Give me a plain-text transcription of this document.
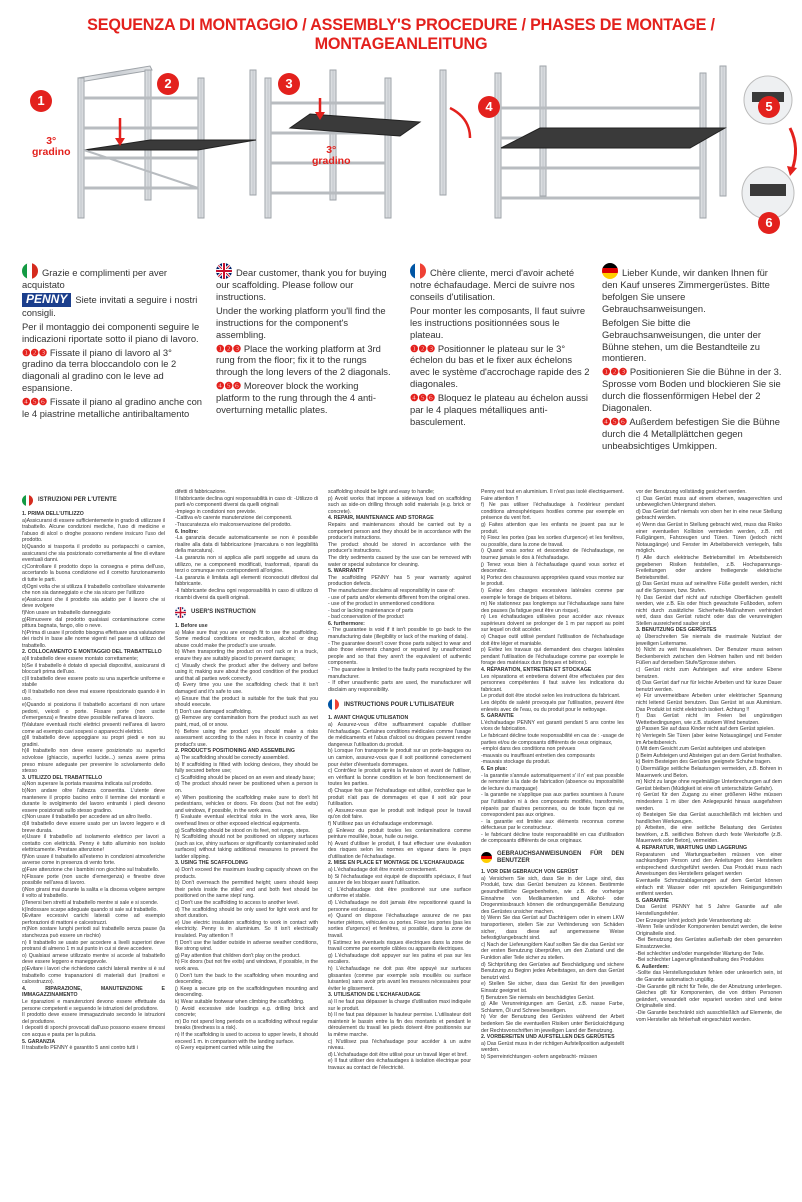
SEQUENZA DI MONTAGGIO / ASSEMBLY'S PROCEDURE / PHASES DE MONTAGE / MONTAGEANLEITUNG
1
2	3
4	5
6
3°
gradino	3°
gradino

Grazie e complimenti per aver acquistato

PENNY Siete invitati a seguire i nostri consigli.

Per il montaggio dei componenti seguire le indicazioni riportate sotto il piano di lavoro.

❶❷❸ Fissate il piano di lavoro al 3° gradino da terra bloccandolo con le 2 diagonali al gradino con le leve ad espansione.

❹❺❻ Fissate il piano al gradino anche con le 4 piastrine metalliche antiribaltamento

Dear customer, thank you for buying our scaffolding. Please follow our instructions.

Under the working platform you'll find the instructions for the component's assembling.

❶❷❸ Place the working platform at 3rd rung from the floor; fix it to the rungs through the long levers of the 2 diagonals.

❹❺❻ Moreover block the working platform to the rung through the 4 anti-overturning metallic plates.

Chère cliente, merci d'avoir acheté notre échafaudage. Merci de suivre nos conseils d'utilisation.

Pour monter les composants, Il faut suivre les instructions positionnées sous le plateau.

❶❷❸ Positionner le plateau sur le 3° échelon du bas et le fixer aux échelons avec le système d'accrochage rapide des 2 diagonales.

❹❺❻ Bloquez le plateau au échelon aussi par le 4 plaques métalliques anti-basculement.

Lieber Kunde, wir danken Ihnen für den Kauf unseres Zimmergerüstes. Bitte befolgen Sie unsere Gebrauchsanweisungen.

Befolgen Sie bitte die Gebrauchsanweisungen, die unter der Bühne stehen, um die Bestandteile zu montieren.

❶❷❸ Positionieren Sie die Bühne in der 3. Sprosse vom Boden und blockieren Sie sie durch die flossenförmigen Hebel der 2 Diagonalen.

❹❺❻ Außerdem befestigen Sie die Bühne durch die 4 Metallplättchen gegen unbeabsichtiges Umkippen.

ISTRUZIONI PER L'UTENTE

1. PRIMA DELL'UTILIZZO

a)Assicurarsi di essere sufficientemente in grado di utilizzare il trabattello. Alcune condizioni mediche, l'uso di medicine e l'abuso di alcol o droghe possono rendere insicuro l'uso del prodotto.

b)Quando si trasporta il prodotto su portapacchi o camion, assicurarsi che sia posizionato correttamente al fine di evitare eventuali danni.

c)Controllare il prodotto dopo la consegna e prima dell'uso, accertando la buona condizione ed il corretto funzionamento di tutte le parti.

d)Ogni volta che si utilizza il trabattello controllare visivamente che non sia danneggiato e che sia sicuro per l'utilizzo

e)Assicurarsi che il prodotto sia adatto per il lavoro che si deve svolgere

f)Non usare un trabattello danneggiato

g)Rimuovere dal prodotto qualsiasi contaminazione come pittura bagnata, fango, olio o neve.

h)Prima di usare il prodotto bisogna effettuare una valutazione dei rischi in base alle norme vigenti nel paese di utilizzo del trabattello.

2. COLLOCAMENTO E MONTAGGIO DEL TRABATTELLO

a)Il trabattello deve essere montato correttamente;

b)Se il trabattello è dotato di speciali dispositivi, assicurarsi di bloccarli prima dell'uso.

c)Il trabattello deve essere posto su una superficie uniforme e stabile

d) Il trabattello non deve mai essere riposizionato quando è in uso.

e)Quando si posiziona il trabattello accertarsi di non urtare pedoni, veicoli o porte. Fissare porte (non uscite d'emergenza) e finestre dove possibile nell'area di lavoro.

f)Valutare eventuali rischi elettrici presenti nell'area di lavoro come ad esempio cavi sospesi o apparecchi elettrici.

g)Il trabattello deve appoggiare su propri piedi e non su gradini.

h)Il trabattello non deve essere posizionato su superfici scivolose (ghiaccio, superfici lucide...) senza avere prima preso misure adeguate per prevenire lo scivolamento dello stesso

3. UTILIZZO DEL TRABATTELLO

a)Non superare la portata massima indicata sul prodotto.

b)Non andare oltre l'altezza consentita. L'utente deve mantenere il proprio bacino entro il termine dei montanti e durante lo svolgimento del lavoro entrambi i piedi devono essere posizionati sullo stesso gradino.

c)Non usare il trabattello per accedere ad un altro livello.

d)Il trabattello deve essere usato per un lavoro leggero e di breve durata.

e)Usare il trabattello ad isolamento elettrico per lavori a contatto con elettricità. Penny è tutto alluminio non isolato elettricamente. Prestare attenzione!

f)Non usare il trabattello all'esterno in condizioni atmosferiche avverse come in presenza di vento forte.

g)Fare attenzione che i bambini non giochino sul trabattello.

h)Fissare porte (non uscite d'emergenza) e finestre dove possibile nell'area di lavoro.

i)Non girarsi mai durante la salita e la discesa volgere sempre il volto al trabattello.

j)Tenersi ben stretti al trabattello mentre si sale e si scende.

k)Indossare scarpe adeguate quando si sale sul trabattello.

l)Evitare eccessivi carichi laterali come ad esempio perforazioni di mattoni e calcestruzzi.

m)Non sostare lunghi periodi sul trabattello senza pause (la stanchezza può essere un rischio)

n) Il trabattello se usato per accedere a livelli superiori deve protrarsi di almeno 1 m sul punto in cui si deve accedere.

o) Qualsiasi arnese utilizzato mentre si accede al trabattello deve essere leggero e maneggevole.

p)Evitare i lavori che richiedono carichi laterali mentre si è sul trabattello come trapanazioni di materiali duri (mattoni e calcestruzzo).

4. RIPARAZIONE, MANUTENZIONE E IMMAGAZZINAMENTO

Le riparazioni e manutenzioni devono essere effettuate da persone competenti e seguendo le istruzioni del produttore.

Il prodotto deve essere immagazzinato secondo le istruzioni del produttore.

I depositi di sporchi provocati dall'uso possono essere rimossi con acqua e pasta per la pulizia.

5. GARANZIA

Il trabattello PENNY è garantito 5 anni contro tutti i

difetti di fabbricazione.

Il fabbricante declina ogni responsabilità in caso di: -Utilizzo di parti e/o componenti diversi da quelli originali

-Impiego in condizioni non previste.

-Cattiva e/o carente manutenzione dei componenti.

-Trascuratezza e/o malconservazione del prodotto.

6. Inoltre:

-La garanzia decade automaticamente se non è possibile risalire alla data di fabbricazione (marcatura o non leggibilità della marcatura).

-La garanzia non si applica alle parti soggette ad usura da utilizzo, ne a componenti modificati, trasformati, riparati da terzi o comunque non corrispondenti all'origine.

-La garanzia è limitata agli elementi riconosciuti difettosi dal fabbricante.

-Il fabbricante declina ogni responsabilità in caso di utilizzo di ricambi diversi da quelli originali.

USER'S INSTRUCTION

1. Before use

a) Make sure that you are enough fit to use the scaffolding. Some medical conditions or medication, alcohol or drug abuse could make the product's use unsafe.

b) When transporting the product on roof rack or in a truck, ensure they are suitably placed to prevent damages;

c) Visually check the product after the delivery and before using it; making sure about the good condition of the product and that all parties work correctly.

d) Every time you use the scaffolding check that it isn't damaged and it's safe to use.

e) Ensure that the product is suitable for the task that you should execute.

f) Don't use damaged scaffolding.

g) Remove any contamination from the product such as wet paint, mud, oil or snow.

h) Before using the product you should make a risks assessment according to the rules in force in country of the product's use.

2. PRODUCT'S POSITIONING AND ASSEMBLING

a) The scaffolding should be correctly assembled.

b) If scaffolding is fitted with locking devices, they should be fully secured before use;

c) Scaffolding should be placed on an even and steady base;

d) The product should never be positioned when a person is on.

e) When positioning the scaffolding make sure to don't hit pedestrians, vehicles or doors. Fix doors (but not fire exits) and windows, if possible, in the work area.

f) Evaluate eventual electrical risks in the work area, like overhead lines or other exposed electrical equipments.

g) Scaffolding should be stood on its feet, not rungs, steps.

h) Scaffolding should not be positioned on slippery surfaces (such as ice, shiny surfaces or significantly contaminated solid surfaces) without taking additional measures to prevent the ladder slipping.

3. USING THE SCAFFOLDING

a) Don't exceed the maximum loading capacity shown on the products.

b) Don't overreach the permitted height; users should keep their pelvis inside the stiles' end and both feet should be positioned on the same step/ rung.

c) Don't use the scaffolding to access to another level.

d) The scaffolding should be only used for light work and for short duration.

e) Use electric insulation scaffolding to work in contact with electricity. Penny is in aluminium. So it isn't electrically insulated. Pay attention !!

f) Don't use the ladder outside in adverse weather conditions, like strong wind.

g) Pay attention that children don't play on the product.

h) Fix doors (but not fire exits) and windows, if possible, in the work area.

i) Don't turn the back to the scaffolding when mounting and descending.

j) Keep a secure grip on the scaffoldingwhen mounting and descending.

k) Wear suitable footwear when climbing the scaffolding.

l) Avoid excessive side loadings e.g. drilling brick and concrete;

m) Do not spend long periods on a scaffolding without regular breaks (tiredness is a risk).

n) If the scaffolding is used to access to upper levels, it should exceed 1 m. in comparison with the landing surface.

o) Every equipment carried while using the

scaffolding should be light and easy to handle;

p) Avoid works that impose a sideways load on scaffolding such as side-on drilling through solid materials (e.g. brick or concrete).

4. REPAIR, MAINTENANCE AND STORAGE

Repairs and maintenances should be carried out by a competent person and they should be in accordance with the producer's instructions.

The product should be stored in accordance with the producer's instructions.

The dirty sediments caused by the use can be removed with water or special substance for cleaning.

5. WARRANTY

The scaffolding PENNY has 5 year warranty against production defects.

The manufacturer disclaims all responsibility in case of:

- use of parts and/or elements different from the original ones.

- use of the product in unmentioned conditions

- bad or lacking maintenance of parts

- bad conservation of the product

6. furthermore:

- The guarantee is void if it isn't possible to go back to the manufacturing date (illegibility or lack of the marking of data).

- The guarantee doesn't cover those parts subject to wear and also those elements changed or repaired by unauthorized people and so that they aren't the equivalent of authentic components.

- The guarantee is limited to the faulty parts recognized by the manufacturer.

- If other unauthentic parts are used, the manufacturer will disclaim any responsibility.

INSTRUCTIONS POUR L'UTILISATEUR

1. AVANT CHAQUE UTILISATION

a) Assurez-vous d'être suffisamment capable d'utiliser l'échafaudage. Certaines conditions médicales comme l'usage de médicaments et l'abus d'alcool ou drogues peuvent rendre dangereux l'utilisation du produit.

b) Lorsque l'on transporte le produit sur un porte-bagages ou un camion, assurez-vous que il soit positionné correctement pour éviter d'éventuels dommages.

c) Contrôlez le produit après la livraison et avant de l'utiliser, en vérifiant la bonne condition et le bon fonctionnement de toutes les parties.

d) Chaque fois que l'échafaudage est utilisé, contrôlez que le produit n'ait pas de dommages et que il soit sûr pour l'utilisation.

e) Assurez-vous que le produit soit indiqué pour le travail qu'on doit faire.

f) N'utilisez pas un échafaudage endommagé.

g) Enlevez du produit toutes les contaminations comme peinture mouillée, boue, huile ou neige.

h) Avant d'utiliser le produit, il faut effectuer une évaluation des risques selon les normes en vigueur dans le pays d'utilisation de l'échafaudage.

2. MISE EN PLACE ET MONTAGE DE L'ECHAFAUDAGE

a) L'échafaudage doit être monté correctement.

b) Si l'échafaudage est équipé de dispositifs spéciaux, il faut assurer de les bloquer avant l'utilisation.

c) L'échafaudage doit être positionné sur une surface uniforme et stable.

d) L'échafaudage ne doit jamais être repositionné quand la personne est dessus.

e) Quand on dispose l'échafaudage assurez de ne pas heurter piétons, véhicules ou portes. Fixez les portes (pas les sorties d'urgence) et fenêtres, si possible, dans la zone de travail.

f) Estimez les éventuels risques électriques dans la zone de travail comme par exemple câbles ou appareils électriques.

g) L'échafaudage doit appuyer sur les patins et pas sur les escaliers.

h) L'échafaudage ne doit pas être appuyé sur surfaces glissantes (comme par exemple sols mouillés ou surface luisantes) sans avoir pris avant les mesures nécessaires pour éviter le glissement.

3. UTILISATION DE L'ECHAFAUDAGE

a) Il ne faut pas dépasser la charge d'utilisation maxi indiquée sur le produit.

b) Il ne faut pas dépasser la hauteur permise. L'utilisateur doit maintenir le bassin entre la fin des montants et pendant le déroulement du travail les pieds doivent être positionnés sur la même marche.

c) N'utilisez pas l'échafaudage pour accéder à un autre niveau.

d) L'échafaudage doit être utilisé pour un travail léger et bref.

e) Il faut utiliser des échafaudages à isolation électrique pour travaux au contact de l'électricité.

Penny est tout en aluminium. Il n'est pas isolé électriquement. Faire attention !!

f) Ne pas utiliser l'échafaudage à l'extérieur pendant conditions atmosphériques hostiles comme par exemple en présence du vent fort.

g) Faites attention que les enfants ne jouent pas sur le produit.

h) Fixez les portes (pas les sorties d'urgence) et les fenêtres, ou possible, dans la zone de travail.

i) Quand vous sortez et descendez de l'échafaudage, ne tournez jamais le dos à l'échafaudage.

j) Tenez vous bien à l'échafaudage quand vous sortez et descendez.

k) Portez des chaussures appropriées quand vous montez sur le produit.

l) Évitez des charges excessives latérales comme par exemple le forage de briques et bétons.

m) Ne stationnez pas longtemps sur l'échafaudage sans faire des pauses (la fatigue peut être un risque).

n) Les échafaudages utilisées pour accéder aux niveaux supérieurs doivent se prolonger de 1 m par rapport au point sur lequel on doit accéder.

o) Chaque outil utilisé pendant l'utilisation de l'échafaudage doit être léger et maniable.

p) Evitez les travaux qui demandent des charges latérales pendant l'utilisation de l'échafaudage comme par exemple le forage des matériaux durs (briques et bétons).

4. RÉPARATION, ENTRETIEN ET STOCKAGE

Les réparations et entretiens doivent être effectuées par des personnes compétentes il faut suivre les indications du fabricant.

Le produit doit être stocké selon les instructions du fabricant.

Les dépôts de saleté provoqués par l'utilisation, peuvent être enlevés avec de l'eau, ou du produit pour le nettoyage.

5. GARANTIE

L'échafaudage PENNY est garanti pendant 5 ans contre les vices de fabrication.

Le fabricant décline toute responsabilité en cas de : -usage de parties et/ou de composants différents de ceux originaux,

-emploi dans des conditions non prévues

-mauvais ou insuffisant entretien des composants

-mauvais stockage du produit.

6. En plus:

- la garantie s'annule automatiquement s' il n' est pas possible de remonter à la date de fabrication (absence ou impossibilité de lecture du marquage)

- la garantie ne s'applique pas aux parties soumises à l'usure par l'utilisation ni à des composants modifiés, transformés, réparés par d'autres personnes, ou de toute façon qui ne correspondent pas aux origines.

- la garantie est limitée aux éléments reconnus comme défectueux par le constructeur.

- le fabricant décline toute responsabilité en cas d'utilisation de composants différents de ceux originaux.

GEBRAUCHSANWEISUNGEN FÜR DEN BENUTZER

1. VOR DEM GEBRAUCH VON GERÜST

a) Versichern Sie sich, dass Sie in der Lage sind, das Produkt, bzw. das Gerüst benutzen zu können. Bestimmte gesundheitliche Gegebenheiten, wie z.B. die vorherige Einnahme von Medikamenten und Alkohol- oder Drogenmissbrauch können die ordnungsgemäße Benutzung des Gerüstes unsicher machen.

b) Wenn Sie das Gerüst auf Dachträgern oder in einem LKW transportieren, stellen Sie zur Verhinderung von Schäden sicher, dass diese auf angemessene Weise befestigt/angebracht sind.

c) Nach der Lieferung/dem Kauf sollten Sie die das Gerüst vor der ersten Benutzung überprüfen, um den Zustand und die Funktion aller Teile sicher zu stellen.

d) Sichtprüfung des Gerüstes auf Beschädigung und sichere Benutzung zu Beginn jedes Arbeitstages, an dem das Gerüst benutzt wird.

e) Stellen Sie sicher, dass das Gerüst für den jeweiligen Einsatz geeignet ist.

f) Benutzen Sie niemals ein beschädigtes Gerüst.

g) Alle Verunreinigungen am Gerüst, z.B. nasse Farbe, Schlamm, Öl und Schnee beseitigen.

h) Vor der Benutzung des Gerüstes während der Arbeit bedenken Sie die eventuellen Risiken unter Berücksichtigung der Rechtsvorschriften im jeweiligen Land der Benutzung.

2. VORBEREITEN UND AUFSTELLEN DES GERÜSTES

a) Das Gerüst muss in der richtigen Aufstellposition aufgestellt werden.

b) Sperreinrichtungen -sofern angebracht- müssen

vor der Benutzung vollständig gesichert werden.

c) Das Gerüst muss auf einem ebenen, waagerechten und unbeweglichen Untergrund stehen.

d) Das Gerüst darf niemals von oben her in eine neue Stellung gebracht werden.

e) Wenn das Gerüst in Stellung gebracht wird, muss das Risiko einer eventuellen Kollision vermieden werden, z.B. mit Fußgängern, Fahrzeugen und Türen. Türen (jedoch nicht Notausgänge) und Fenster im Arbeitsbereich verriegeln, falls möglich.

f) Alle durch elektrische Betriebsmittel im Arbeitsbereich gegebenen Risiken feststellen, z.B. Hochspannungs-Freileitungen oder andere freiliegende elektrische Betriebsmittel.

g) Das Gerüst muss auf seine/ihre Füße gestellt werden, nicht auf die Sprossen, bzw. Stufen.

h) Das Gerüst darf nicht auf rutschige Oberflächen gestellt werden, wie z.B. Eis oder frisch gewachste Fußboden, sofern nicht durch zusätzliche Sicherheits-Maßnahmen verhindert wird, dass das Gerüst rutscht oder das die verunreinigten Stellen ausreichend sauber sind.

3. BENUTZUNG DES GERÜSTES

a) Überschreiten Sie niemals die maximale Nutzlast der jeweiligen Leitername.

b) Nicht zu weit hinauslehnen. Der Benutzer muss seinen Beckenbereich zwischen den Holmen halten und mit beiden Füßen auf derselben Stufe/Sprosse stehen.

c) Gerüst nicht zum Aufsteigen auf eine andere Ebene benutzen.

d) Das Gerüst darf nur für leichte Arbeiten und für kurze Dauer benutzt werden.

e) Für unvermeidbare Arbeiten unter elektrischer Spannung nicht leitend Gerüst benutzen. Das Gerüst ist aus Aluminium. Das Produkt ist nicht elektrisch isoliert. Achtung !!

f) Das Gerüst nicht im Freien bei ungünstigen Wetterbedingungen, wie z.B. starkem Wind benutzen.

g) Passen Sie auf dass Kinder nicht auf dem Gerüst spielen.

h) Verriegeln Sie Türen (aber keine Notausgänge) und Fenster im Arbeitsbereich.

i) Mit dem Gesicht zum Gerüst aufsteigen und absteigen

j) Beim Aufsteigen und Absteigen gut an dem Gerüst festhalten.

k) Beim Besteigen des Gerüstes geeignete Schuhe tragen.

l) Übermäßige seitliche Belastungen vermeiden, z.B. Bohren in Mauerwerk und Beton.

m) Nicht zu lange ohne regelmäßige Unterbrechungen auf dem Gerüst bleiben (Müdigkeit ist eine oft unterschätzte Gefahr).

n) Gerüst für den Zugang zu einer größeren Höhe müssen mindestens 1 m über den Anlegepunkt hinaus ausgefahren werden.

o) Besteigen Sie das Gerüst ausschließlich mit leichten und handlichen Werkzeugen.

p) Arbeiten, die eine seitliche Belastung des Gerüstes bewirken, z.B. seitliches Bohren durch feste Werkstoffe (z.B. Mauerwerk oder Beton), vermeiden.

4. REPARATUR, WARTUNG UND LAGERUNG

Reparaturen und Wartungsarbeiten müssen von einer sachkundigen Person und den Anleitungen des Herstellers entsprechend durchgeführt werden. Das Produkt muss nach Anweisungen des Herstellers gelagert werden

Eventuelle Schmutzablagerungen auf dem Gerüst können einfach mit Wasser oder mit speziellen Reinigungsmitteln entfernt werden.

5. GARANTIE

Das Gerüst PENNY hat 5 Jahre Garantie auf alle Herstellungsfehler.

Der Erzeuger lehnt jedoch jede Verantwortung ab:

-Wenn Teile und/oder Komponenten benutzt werden, die keine Originalteile sind.

-Bei Benutzung des Gerüstes außerhalb der oben genannten Einsatzzwecke.

-Bei schlechter und/oder mangelnder Wartung der Teile.

-Bei schlechter Lagerung/Instandhaltung des Produktes

6. Außerdem:

-Sollte das Herstellungsdatum fehlen oder unleserlich sein, ist die Garantie automatisch ungültig.

-Die Garantie gilt nicht für Teile, die der Abnutzung unterliegen. Gleiches gilt für Komponenten, die von dritten Personen geändert, verwandelt oder repariert worden sind und keine Originalteile sind.

-Die Garantie beschränkt sich ausschließlich auf Elemente, die vom Hersteller als fehlerhaft eingeschätzt werden.
